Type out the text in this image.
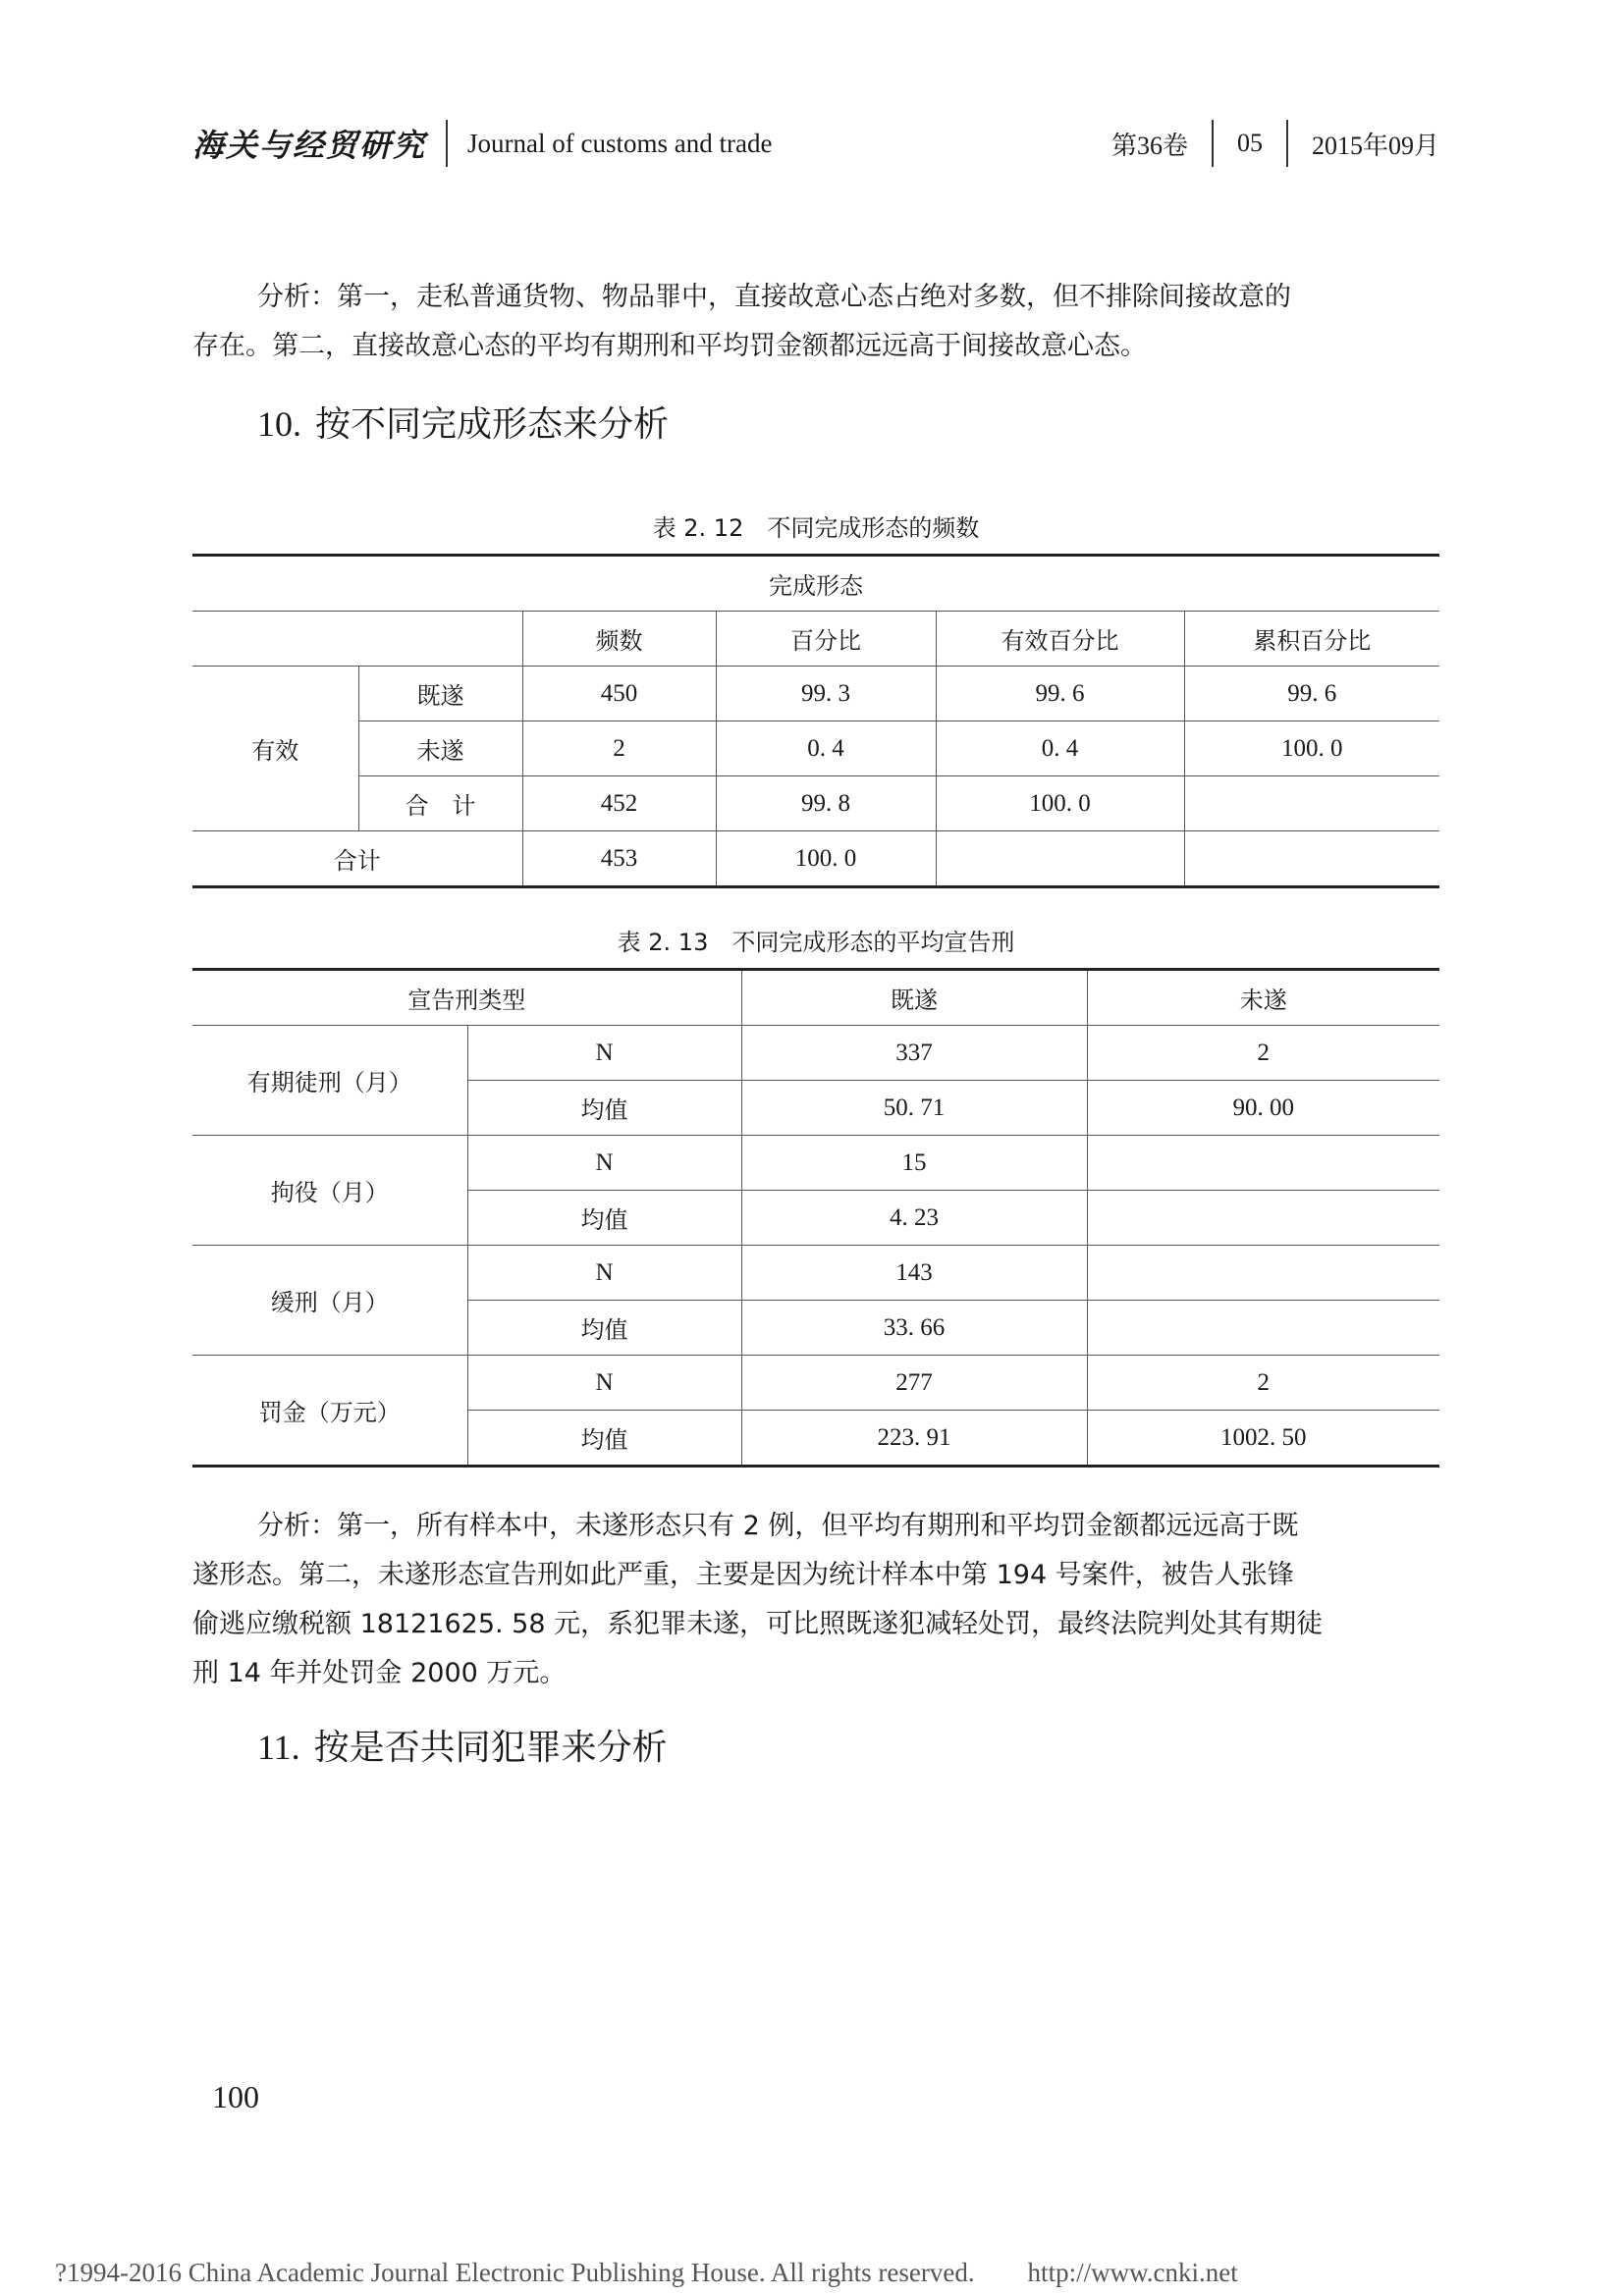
海关与经贸研究 Journal of customs and trade	第36卷 05 2015年09月
分析：第一，走私普通货物、物品罪中，直接故意心态占绝对多数，但不排除间接故意的
存在。第二，直接故意心态的平均有期刑和平均罚金额都远远高于间接故意心态。
10. 按不同完成形态来分析
表 2. 12　不同完成形态的频数
完成形态					
		频数	百分比	有效百分比	累积百分比
有效	既遂	450	99. 3	99. 6	99. 6
	未遂	2	0. 4	0. 4	100. 0
	合　计	452	99. 8	100. 0	
合计		453	100. 0		
表 2. 13　不同完成形态的平均宣告刑
宣告刑类型		既遂	未遂
有期徒刑（月）	N	337	2
	均值	50. 71	90. 00
拘役（月）	N	15	
	均值	4. 23	
缓刑（月）	N	143	
	均值	33. 66	
罚金（万元）	N	277	2
	均值	223. 91	1002. 50
分析：第一，所有样本中，未遂形态只有 2 例，但平均有期刑和平均罚金额都远远高于既
遂形态。第二，未遂形态宣告刑如此严重，主要是因为统计样本中第 194 号案件，被告人张锋
偷逃应缴税额 18121625. 58 元，系犯罪未遂，可比照既遂犯减轻处罚，最终法院判处其有期徒
刑 14 年并处罚金 2000 万元。
11. 按是否共同犯罪来分析
100
?1994-2016 China Academic Journal Electronic Publishing House. All rights reserved.　　http://www.cnki.net
